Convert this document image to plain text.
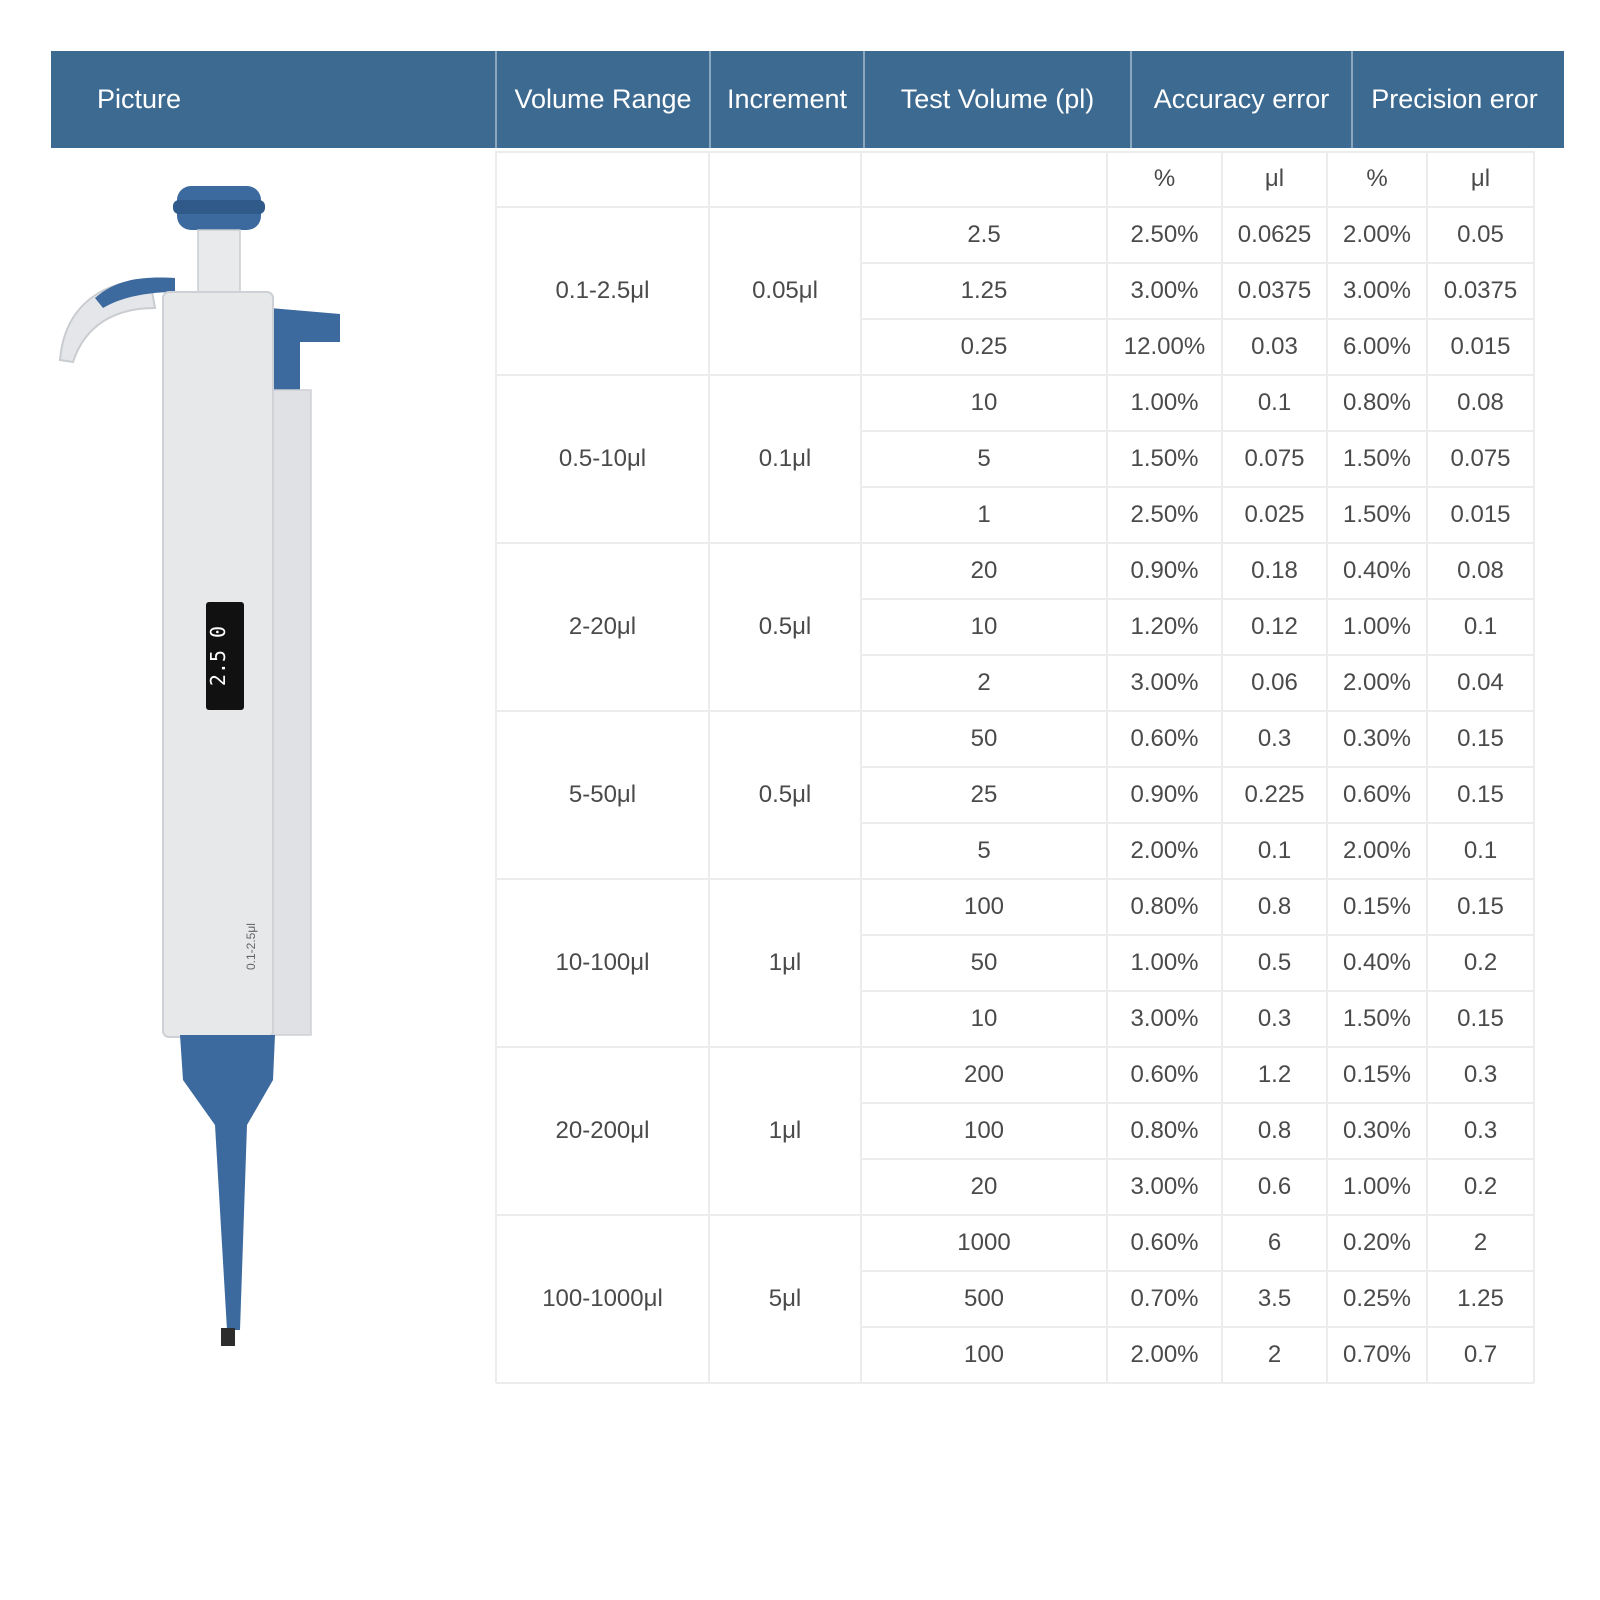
Picture	Volume Range	Increment	Test Volume (pl)	Accuracy error	Precision eror
2.5 0
0.1-2.5μl
%	μl	%	μl
0.1-2.5μl	0.05μl
2.5	2.50%	0.0625	2.00%	0.05
1.25	3.00%	0.0375	3.00%	0.0375
0.25	12.00%	0.03	6.00%	0.015
0.5-10μl	0.1μl
10	1.00%	0.1	0.80%	0.08
5	1.50%	0.075	1.50%	0.075
1	2.50%	0.025	1.50%	0.015
2-20μl	0.5μl
20	0.90%	0.18	0.40%	0.08
10	1.20%	0.12	1.00%	0.1
2	3.00%	0.06	2.00%	0.04
5-50μl	0.5μl
50	0.60%	0.3	0.30%	0.15
25	0.90%	0.225	0.60%	0.15
5	2.00%	0.1	2.00%	0.1
10-100μl	1μl
100	0.80%	0.8	0.15%	0.15
50	1.00%	0.5	0.40%	0.2
10	3.00%	0.3	1.50%	0.15
20-200μl	1μl
200	0.60%	1.2	0.15%	0.3
100	0.80%	0.8	0.30%	0.3
20	3.00%	0.6	1.00%	0.2
100-1000μl	5μl
1000	0.60%	6	0.20%	2
500	0.70%	3.5	0.25%	1.25
100	2.00%	2	0.70%	0.7
